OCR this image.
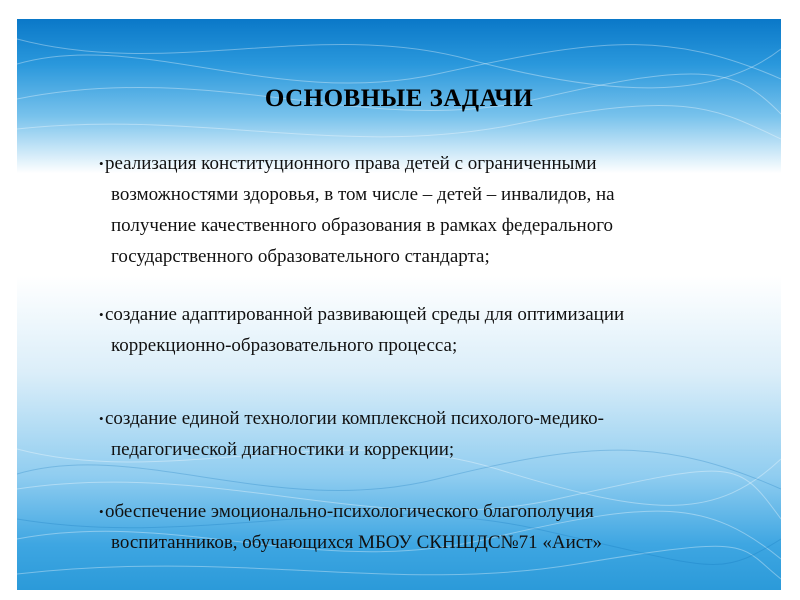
ОСНОВНЫЕ ЗАДАЧИ
• реализация конституционного права детей с ограниченными
возможностями здоровья, в том числе – детей – инвалидов, на
получение качественного образования в рамках федерального
государственного образовательного стандарта;
• создание адаптированной развивающей среды для оптимизации
коррекционно-образовательного процесса;
• создание единой технологии комплексной психолого-медико-
педагогической диагностики и коррекции;
• обеспечение эмоционально-психологического благополучия
воспитанников, обучающихся МБОУ СКНШДС№71 «Аист»
